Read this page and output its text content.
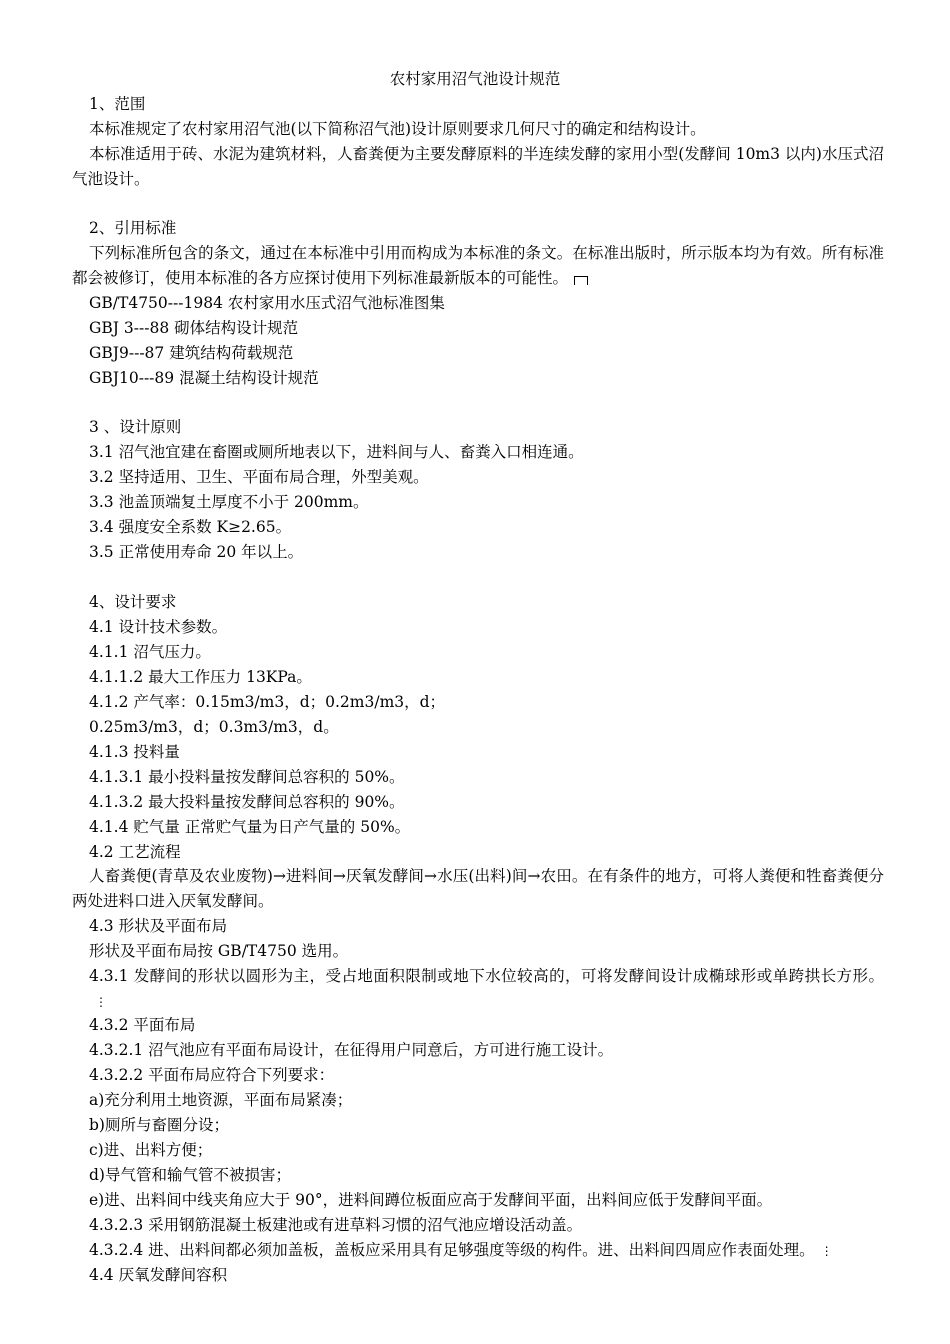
农村家用沼气池设计规范
1、范围
本标准规定了农村家用沼气池(以下简称沼气池)设计原则要求几何尺寸的确定和结构设计。
本标准适用于砖、水泥为建筑材料，人畜粪便为主要发酵原料的半连续发酵的家用小型(发酵间 10m3 以内)水压式沼气池设计。
2、引用标准
下列标准所包含的条文，通过在本标准中引用而构成为本标准的条文。在标准出版时，所示版本均为有效。所有标准都会被修订，使用本标准的各方应探讨使用下列标准最新版本的可能性。
GB/T4750---1984 农村家用水压式沼气池标准图集
GBJ 3---88 砌体结构设计规范
GBJ9---87 建筑结构荷载规范
GBJ10---89 混凝土结构设计规范
3 、设计原则
3.1 沼气池宜建在畜圈或厕所地表以下，进料间与人、畜粪入口相连通。
3.2 坚持适用、卫生、平面布局合理，外型美观。
3.3 池盖顶端复土厚度不小于 200mm。
3.4 强度安全系数 K≥2.65。
3.5 正常使用寿命 20 年以上。
4、设计要求
4.1 设计技术参数。
4.1.1 沼气压力。
4.1.1.2 最大工作压力 13KPa。
4.1.2 产气率：0.15m3/m3，d；0.2m3/m3，d；
0.25m3/m3，d；0.3m3/m3，d。
4.1.3 投料量
4.1.3.1 最小投料量按发酵间总容积的 50%。
4.1.3.2 最大投料量按发酵间总容积的 90%。
4.1.4 贮气量 正常贮气量为日产气量的 50%。
4.2 工艺流程
人畜粪便(青草及农业废物)→进料间→厌氧发酵间→水压(出料)间→农田。在有条件的地方，可将人粪便和牲畜粪便分两处进料口进入厌氧发酵间。
4.3 形状及平面布局
形状及平面布局按 GB/T4750 选用。
4.3.1 发酵间的形状以圆形为主，受占地面积限制或地下水位较高的，可将发酵间设计成椭球形或单跨拱长方形。⋮
4.3.2 平面布局
4.3.2.1 沼气池应有平面布局设计，在征得用户同意后，方可进行施工设计。
4.3.2.2 平面布局应符合下列要求：
a)充分利用土地资源，平面布局紧凑；
b)厕所与畜圈分设；
c)进、出料方便；
d)导气管和输气管不被损害；
e)进、出料间中线夹角应大于 90°，进料间蹲位板面应高于发酵间平面，出料间应低于发酵间平面。
4.3.2.3 采用钢筋混凝土板建池或有进草料习惯的沼气池应增设活动盖。
4.3.2.4 进、出料间都必须加盖板，盖板应采用具有足够强度等级的构件。进、出料间四周应作表面处理。 ⋮
4.4 厌氧发酵间容积
